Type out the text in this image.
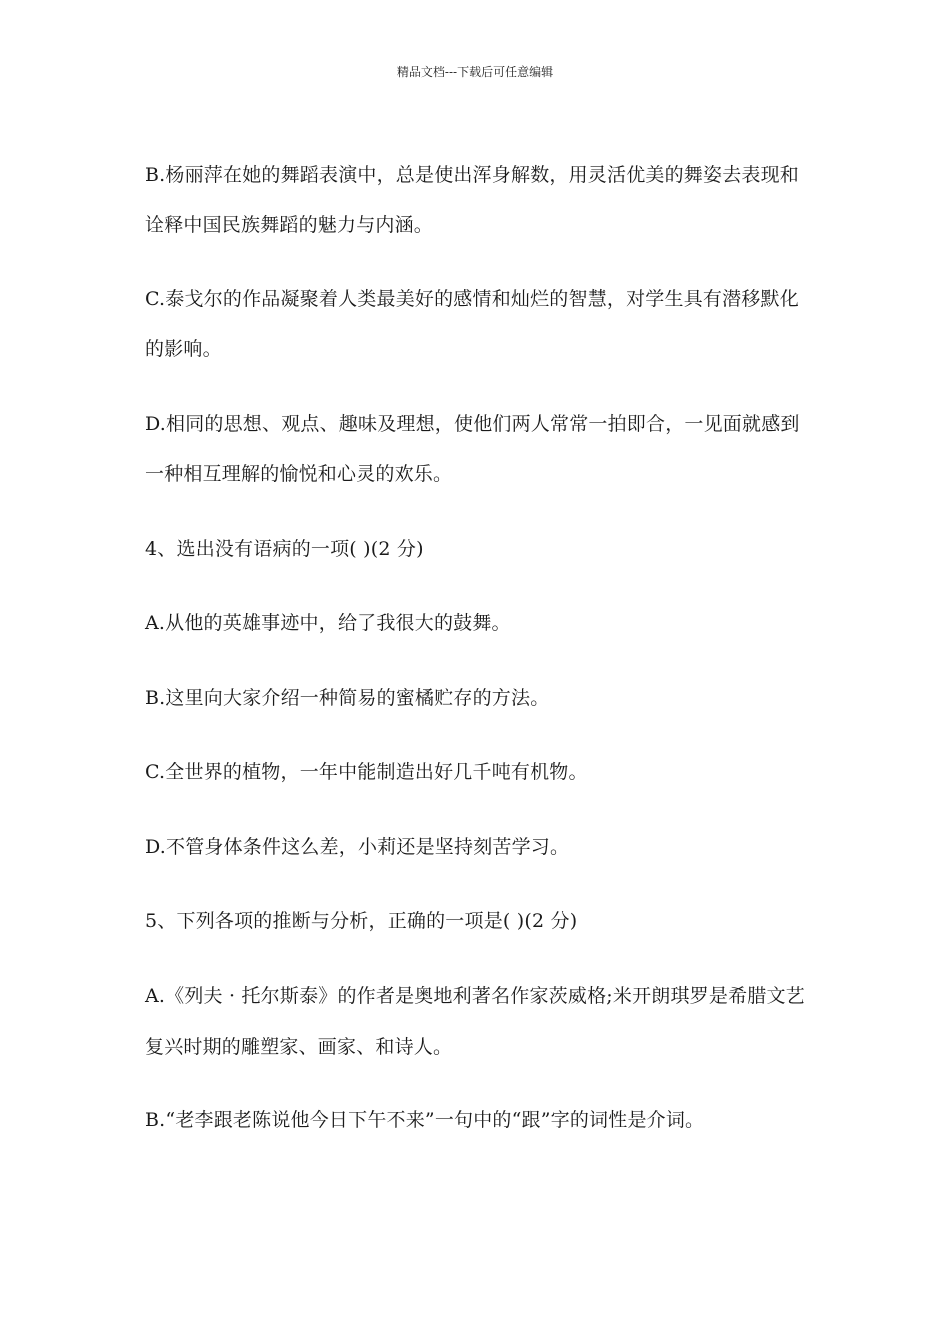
精品文档---下载后可任意编辑
B.杨丽萍在她的舞蹈表演中，总是使出浑身解数，用灵活优美的舞姿去表现和
诠释中国民族舞蹈的魅力与内涵。
C.泰戈尔的作品凝聚着人类最美好的感情和灿烂的智慧，对学生具有潜移默化
的影响。
D.相同的思想、观点、趣味及理想，使他们两人常常一拍即合，一见面就感到
一种相互理解的愉悦和心灵的欢乐。
4、选出没有语病的一项( )(2 分)
A.从他的英雄事迹中，给了我很大的鼓舞。
B.这里向大家介绍一种简易的蜜橘贮存的方法。
C.全世界的植物，一年中能制造出好几千吨有机物。
D.不管身体条件这么差，小莉还是坚持刻苦学习。
5、下列各项的推断与分析，正确的一项是( )(2 分)
A.《列夫 · 托尔斯泰》的作者是奥地利著名作家茨威格;米开朗琪罗是希腊文艺
复兴时期的雕塑家、画家、和诗人。
B.“老李跟老陈说他今日下午不来”一句中的“跟”字的词性是介词。
